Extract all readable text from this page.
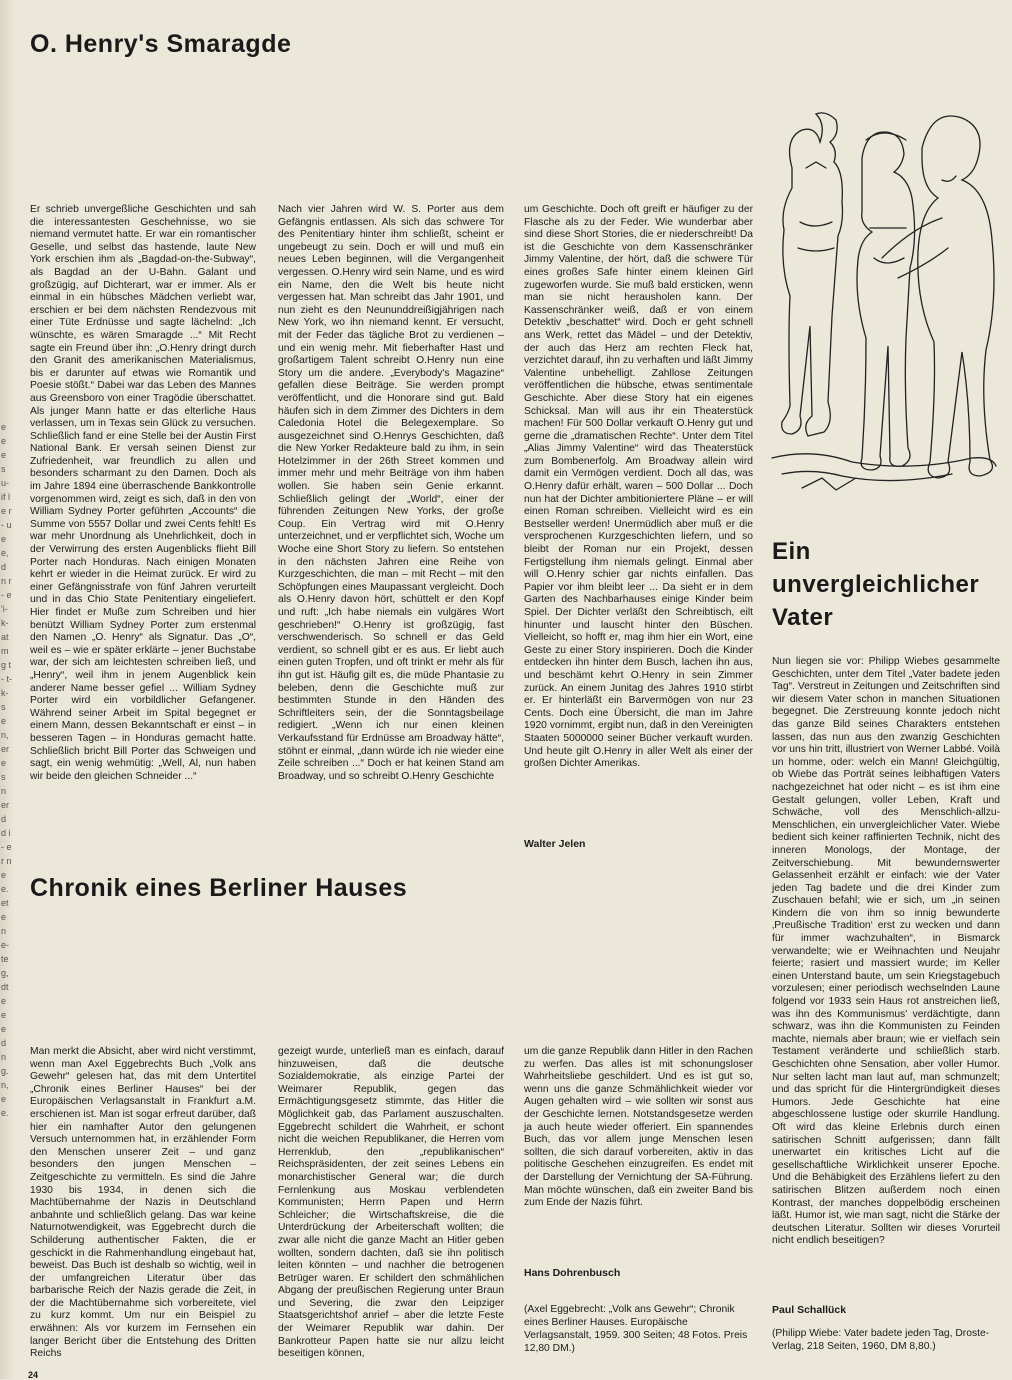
e e e s u- if le r- u e e, d n r- e 'i- k- at m g t- t- k- s e n, er e s n er d d i- er n e e. et e n e- te g, dt e e e d n g. n, e e.
O. Henry's Smaragde
Er schrieb unvergeßliche Geschichten und sah die interessantesten Geschehnisse, wo sie niemand vermutet hatte. Er war ein romantischer Geselle, und selbst das hastende, laute New York erschien ihm als „Bagdad-on-the-Subway“, als Bagdad an der U-Bahn. Galant und großzügig, auf Dichterart, war er immer. Als er einmal in ein hübsches Mädchen verliebt war, erschien er bei dem nächsten Rendezvous mit einer Tüte Erdnüsse und sagte lächelnd: „Ich wünschte, es wären Smaragde ...“ Mit Recht sagte ein Freund über ihn: „O.Henry dringt durch den Granit des amerikanischen Materialismus, bis er darunter auf etwas wie Romantik und Poesie stößt.“ Dabei war das Leben des Mannes aus Greensboro von einer Tragödie überschattet. Als junger Mann hatte er das elterliche Haus verlassen, um in Texas sein Glück zu versuchen. Schließlich fand er eine Stelle bei der Austin First National Bank. Er versah seinen Dienst zur Zufriedenheit, war freundlich zu allen und besonders scharmant zu den Damen. Doch als im Jahre 1894 eine überraschende Bankkontrolle vorgenommen wird, zeigt es sich, daß in den von William Sydney Porter geführten „Accounts“ die Summe von 5557 Dollar und zwei Cents fehlt! Es war mehr Unordnung als Unehrlichkeit, doch in der Verwirrung des ersten Augenblicks flieht Bill Porter nach Honduras. Nach einigen Monaten kehrt er wieder in die Heimat zurück. Er wird zu einer Gefängnisstrafe von fünf Jahren verurteilt und in das Chio State Penitentiary eingeliefert. Hier findet er Muße zum Schreiben und hier benützt William Sydney Porter zum erstenmal den Namen „O. Henry“ als Signatur. Das „O“, weil es – wie er später erklärte – jener Buchstabe war, der sich am leichtesten schreiben ließ, und „Henry“, weil ihm in jenem Augenblick kein anderer Name besser gefiel ... William Sydney Porter wird ein vorbildlicher Gefangener. Während seiner Arbeit im Spital begegnet er einem Mann, dessen Bekanntschaft er einst – in besseren Tagen – in Honduras gemacht hatte. Schließlich bricht Bill Porter das Schweigen und sagt, ein wenig wehmütig: „Well, Al, nun haben wir beide den gleichen Schneider ...“
Nach vier Jahren wird W. S. Porter aus dem Gefängnis entlassen. Als sich das schwere Tor des Penitentiary hinter ihm schließt, scheint er ungebeugt zu sein. Doch er will und muß ein neues Leben beginnen, will die Vergangenheit vergessen. O.Henry wird sein Name, und es wird ein Name, den die Welt bis heute nicht vergessen hat. Man schreibt das Jahr 1901, und nun zieht es den Neununddreißigjährigen nach New York, wo ihn niemand kennt. Er versucht, mit der Feder das tägliche Brot zu verdienen – und ein wenig mehr. Mit fieberhafter Hast und großartigem Talent schreibt O.Henry nun eine Story um die andere. „Everybody's Magazine“ gefallen diese Beiträge. Sie werden prompt veröffentlicht, und die Honorare sind gut. Bald häufen sich in dem Zimmer des Dichters in dem Caledonia Hotel die Belegexemplare. So ausgezeichnet sind O.Henrys Geschichten, daß die New Yorker Redakteure bald zu ihm, in sein Hotelzimmer in der 26th Street kommen und immer mehr und mehr Beiträge von ihm haben wollen. Sie haben sein Genie erkannt. Schließlich gelingt der „World“, einer der führenden Zeitungen New Yorks, der große Coup. Ein Vertrag wird mit O.Henry unterzeichnet, und er verpflichtet sich, Woche um Woche eine Short Story zu liefern. So entstehen in den nächsten Jahren eine Reihe von Kurzgeschichten, die man – mit Recht – mit den Schöpfungen eines Maupassant vergleicht. Doch als O.Henry davon hört, schüttelt er den Kopf und ruft: „Ich habe niemals ein vulgäres Wort geschrieben!“ O.Henry ist großzügig, fast verschwenderisch. So schnell er das Geld verdient, so schnell gibt er es aus. Er liebt auch einen guten Tropfen, und oft trinkt er mehr als für ihn gut ist. Häufig gilt es, die müde Phantasie zu beleben, denn die Geschichte muß zur bestimmten Stunde in den Händen des Schriftleiters sein, der die Sonntagsbeilage redigiert. „Wenn ich nur einen kleinen Verkaufsstand für Erdnüsse am Broadway hätte“, stöhnt er einmal, „dann würde ich nie wieder eine Zeile schreiben ...“ Doch er hat keinen Stand am Broadway, und so schreibt O.Henry Geschichte
um Geschichte. Doch oft greift er häufiger zu der Flasche als zu der Feder. Wie wunderbar aber sind diese Short Stories, die er niederschreibt! Da ist die Geschichte von dem Kassenschränker Jimmy Valentine, der hört, daß die schwere Tür eines großes Safe hinter einem kleinen Girl zugeworfen wurde. Sie muß bald ersticken, wenn man sie nicht herausholen kann. Der Kassenschränker weiß, daß er von einem Detektiv „beschattet“ wird. Doch er geht schnell ans Werk, rettet das Mädel – und der Detektiv, der auch das Herz am rechten Fleck hat, verzichtet darauf, ihn zu verhaften und läßt Jimmy Valentine unbehelligt. Zahllose Zeitungen veröffentlichen die hübsche, etwas sentimentale Geschichte. Aber diese Story hat ein eigenes Schicksal. Man will aus ihr ein Theaterstück machen! Für 500 Dollar verkauft O.Henry gut und gerne die „dramatischen Rechte“. Unter dem Titel „Alias Jimmy Valentine“ wird das Theaterstück zum Bombenerfolg. Am Broadway allein wird damit ein Vermögen verdient. Doch all das, was O.Henry dafür erhält, waren – 500 Dollar ... Doch nun hat der Dichter ambitioniertere Pläne – er will einen Roman schreiben. Vielleicht wird es ein Bestseller werden! Unermüdlich aber muß er die versprochenen Kurzgeschichten liefern, und so bleibt der Roman nur ein Projekt, dessen Fertigstellung ihm niemals gelingt. Einmal aber will O.Henry schier gar nichts einfallen. Das Papier vor ihm bleibt leer ... Da sieht er in dem Garten des Nachbarhauses einige Kinder beim Spiel. Der Dichter verläßt den Schreibtisch, eilt hinunter und lauscht hinter den Büschen. Vielleicht, so hofft er, mag ihm hier ein Wort, eine Geste zu einer Story inspirieren. Doch die Kinder entdecken ihn hinter dem Busch, lachen ihn aus, und beschämt kehrt O.Henry in sein Zimmer zurück. An einem Junitag des Jahres 1910 stirbt er. Er hinterläßt ein Barvermögen von nur 23 Cents. Doch eine Übersicht, die man im Jahre 1920 vornimmt, ergibt nun, daß in den Vereinigten Staaten 5000000 seiner Bücher verkauft wurden. Und heute gilt O.Henry in aller Welt als einer der großen Dichter Amerikas.

Walter Jelen

Ein unvergleichlicher Vater
Nun liegen sie vor: Philipp Wiebes gesammelte Geschichten, unter dem Titel „Vater badete jeden Tag“. Verstreut in Zeitungen und Zeitschriften sind wir diesem Vater schon in manchen Situationen begegnet. Die Zerstreuung konnte jedoch nicht das ganze Bild seines Charakters entstehen lassen, das nun aus den zwanzig Geschichten vor uns hin tritt, illustriert von Werner Labbé. Voilà un homme, oder: welch ein Mann! Gleichgültig, ob Wiebe das Porträt seines leibhaftigen Vaters nachgezeichnet hat oder nicht – es ist ihm eine Gestalt gelungen, voller Leben, Kraft und Schwäche, voll des Menschlich-allzu-Menschlichen, ein unvergleichlicher Vater. Wiebe bedient sich keiner raffinierten Technik, nicht des inneren Monologs, der Montage, der Zeitverschiebung. Mit bewundernswerter Gelassenheit erzählt er einfach: wie der Vater jeden Tag badete und die drei Kinder zum Zuschauen befahl; wie er sich, um „in seinen Kindern die von ihm so innig bewunderte ‚Preußische Tradition‘ erst zu wecken und dann für immer wachzuhalten“, in Bismarck verwandelte; wie er Weihnachten und Neujahr feierte; rasiert und massiert wurde; im Keller einen Unterstand baute, um sein Kriegstagebuch vorzulesen; einer periodisch wechselnden Laune folgend vor 1933 sein Haus rot anstreichen ließ, was ihn des Kommunismus' verdächtigte, dann schwarz, was ihn die Kommunisten zu Feinden machte, niemals aber braun; wie er vielfach sein Testament veränderte und schließlich starb. Geschichten ohne Sensation, aber voller Humor. Nur selten lacht man laut auf, man schmunzelt; und das spricht für die Hintergründigkeit dieses Humors. Jede Geschichte hat eine abgeschlossene lustige oder skurrile Handlung. Oft wird das kleine Erlebnis durch einen satirischen Schnitt aufgerissen; dann fällt unerwartet ein kritisches Licht auf die gesellschaftliche Wirklichkeit unserer Epoche. Und die Behäbigkeit des Erzählens liefert zu den satirischen Blitzen außerdem noch einen Kontrast, der manches doppelbödig erscheinen läßt. Humor ist, wie man sagt, nicht die Stärke der deutschen Literatur. Sollten wir dieses Vorurteil nicht endlich beseitigen?

Paul Schallück

(Philipp Wiebe: Vater badete jeden Tag, Droste-Verlag, 218 Seiten, 1960, DM 8,80.)

Chronik eines Berliner Hauses
Man merkt die Absicht, aber wird nicht verstimmt, wenn man Axel Eggebrechts Buch „Volk ans Gewehr“ gelesen hat, das mit dem Untertitel „Chronik eines Berliner Hauses“ bei der Europäischen Verlagsanstalt in Frankfurt a.M. erschienen ist. Man ist sogar erfreut darüber, daß hier ein namhafter Autor den gelungenen Versuch unternommen hat, in erzählender Form den Menschen unserer Zeit – und ganz besonders den jungen Menschen – Zeitgeschichte zu vermitteln. Es sind die Jahre 1930 bis 1934, in denen sich die Machtübernahme der Nazis in Deutschland anbahnte und schließlich gelang. Das war keine Naturnotwendigkeit, was Eggebrecht durch die Schilderung authentischer Fakten, die er geschickt in die Rahmenhandlung eingebaut hat, beweist. Das Buch ist deshalb so wichtig, weil in der umfangreichen Literatur über das barbarische Reich der Nazis gerade die Zeit, in der die Machtübernahme sich vorbereitete, viel zu kurz kommt. Um nur ein Beispiel zu erwähnen: Als vor kurzem im Fernsehen ein langer Bericht über die Entstehung des Dritten Reichs
gezeigt wurde, unterließ man es einfach, darauf hinzuweisen, daß die deutsche Sozialdemokratie, als einzige Partei der Weimarer Republik, gegen das Ermächtigungsgesetz stimmte, das Hitler die Möglichkeit gab, das Parlament auszuschalten. Eggebrecht schildert die Wahrheit, er schont nicht die weichen Republikaner, die Herren vom Herrenklub, den „republikanischen“ Reichspräsidenten, der zeit seines Lebens ein monarchistischer General war; die durch Fernlenkung aus Moskau verblendeten Kommunisten; Herrn Papen und Herrn Schleicher; die Wirtschaftskreise, die die Unterdrückung der Arbeiterschaft wollten; die zwar alle nicht die ganze Macht an Hitler geben wollten, sondern dachten, daß sie ihn politisch leiten könnten – und nachher die betrogenen Betrüger waren. Er schildert den schmählichen Abgang der preußischen Regierung unter Braun und Severing, die zwar den Leipziger Staatsgerichtshof anrief – aber die letzte Feste der Weimarer Republik war dahin. Der Bankrotteur Papen hatte sie nur allzu leicht beseitigen können,
um die ganze Republik dann Hitler in den Rachen zu werfen. Das alles ist mit schonungsloser Wahrheitsliebe geschildert. Und es ist gut so, wenn uns die ganze Schmählichkeit wieder vor Augen gehalten wird – wie sollten wir sonst aus der Geschichte lernen. Notstandsgesetze werden ja auch heute wieder offeriert. Ein spannendes Buch, das vor allem junge Menschen lesen sollten, die sich darauf vorbereiten, aktiv in das politische Geschehen einzugreifen. Es endet mit der Darstellung der Vernichtung der SA-Führung. Man möchte wünschen, daß ein zweiter Band bis zum Ende der Nazis führt.

Hans Dohrenbusch

(Axel Eggebrecht: „Volk ans Gewehr“; Chronik eines Berliner Hauses. Europäische Verlagsanstalt, 1959. 300 Seiten; 48 Fotos. Preis 12,80 DM.)

24
